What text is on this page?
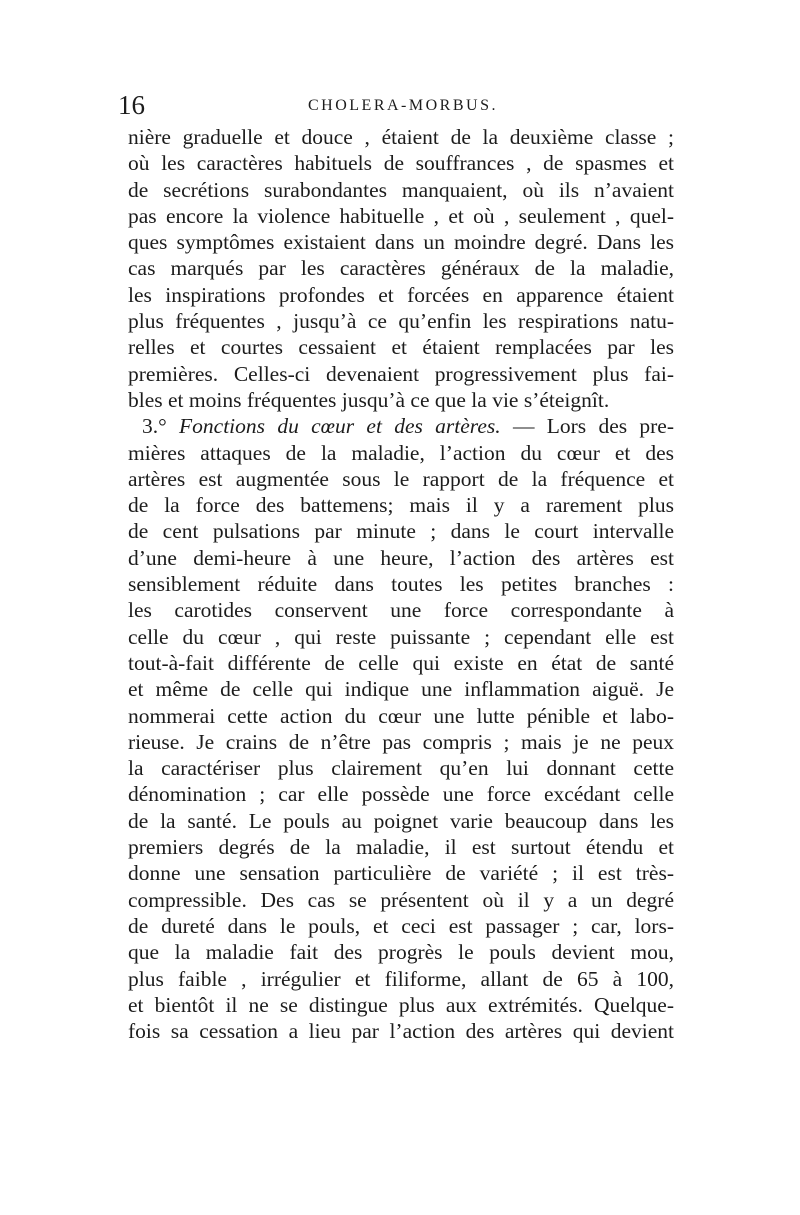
16	CHOLERA-MORBUS.
nière graduelle et douce , étaient de la deuxième classe ;
où les caractères habituels de souffrances , de spasmes et
de secrétions surabondantes manquaient, où ils n’avaient
pas encore la violence habituelle , et où , seulement , quel-
ques symptômes existaient dans un moindre degré. Dans les
cas marqués par les caractères généraux de la maladie,
les inspirations profondes et forcées en apparence étaient
plus fréquentes , jusqu’à ce qu’enfin les respirations natu-
relles et courtes cessaient et étaient remplacées par les
premières. Celles-ci devenaient progressivement plus fai-
bles et moins fréquentes jusqu’à ce que la vie s’éteignît.
3.° Fonctions du cœur et des artères. — Lors des pre-
mières attaques de la maladie, l’action du cœur et des
artères est augmentée sous le rapport de la fréquence et
de la force des battemens; mais il y a rarement plus
de cent pulsations par minute ; dans le court intervalle
d’une demi-heure à une heure, l’action des artères est
sensiblement réduite dans toutes les petites branches :
les carotides conservent une force correspondante à
celle du cœur , qui reste puissante ; cependant elle est
tout-à-fait différente de celle qui existe en état de santé
et même de celle qui indique une inflammation aiguë. Je
nommerai cette action du cœur une lutte pénible et labo-
rieuse. Je crains de n’être pas compris ; mais je ne peux
la caractériser plus clairement qu’en lui donnant cette
dénomination ; car elle possède une force excédant celle
de la santé. Le pouls au poignet varie beaucoup dans les
premiers degrés de la maladie, il est surtout étendu et
donne une sensation particulière de variété ; il est très-
compressible. Des cas se présentent où il y a un degré
de dureté dans le pouls, et ceci est passager ; car, lors-
que la maladie fait des progrès le pouls devient mou,
plus faible , irrégulier et filiforme, allant de 65 à 100,
et bientôt il ne se distingue plus aux extrémités. Quelque-
fois sa cessation a lieu par l’action des artères qui devient
